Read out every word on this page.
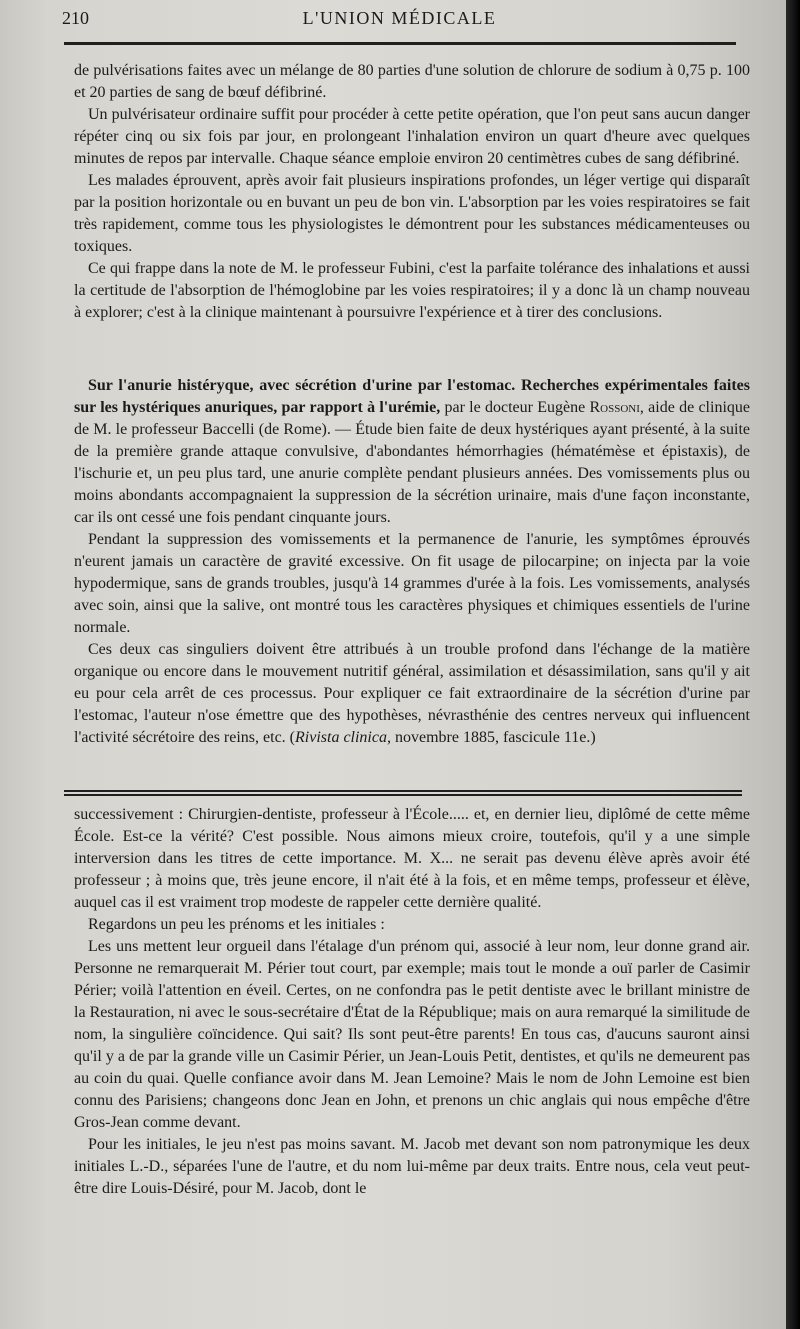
210	L'UNION MÉDICALE

de pulvérisations faites avec un mélange de 80 parties d'une solution de chlorure de sodium à 0,75 p. 100 et 20 parties de sang de bœuf défibriné.

Un pulvérisateur ordinaire suffit pour procéder à cette petite opération, que l'on peut sans aucun danger répéter cinq ou six fois par jour, en prolongeant l'inhalation environ un quart d'heure avec quelques minutes de repos par intervalle. Chaque séance emploie environ 20 centimètres cubes de sang défibriné.

Les malades éprouvent, après avoir fait plusieurs inspirations profondes, un léger vertige qui disparaît par la position horizontale ou en buvant un peu de bon vin. L'absorption par les voies respiratoires se fait très rapidement, comme tous les physiologistes le démontrent pour les substances médicamenteuses ou toxiques.

Ce qui frappe dans la note de M. le professeur Fubini, c'est la parfaite tolérance des inhalations et aussi la certitude de l'absorption de l'hémoglobine par les voies respiratoires; il y a donc là un champ nouveau à explorer; c'est à la clinique maintenant à poursuivre l'expérience et à tirer des conclusions.

Sur l'anurie histéryque, avec sécrétion d'urine par l'estomac. Recherches expérimentales faites sur les hystériques anuriques, par rapport à l'urémie, par le docteur Eugène Rossoni, aide de clinique de M. le professeur Baccelli (de Rome). — Étude bien faite de deux hystériques ayant présenté, à la suite de la première grande attaque convulsive, d'abondantes hémorrhagies (hématémèse et épistaxis), de l'ischurie et, un peu plus tard, une anurie complète pendant plusieurs années. Des vomissements plus ou moins abondants accompagnaient la suppression de la sécrétion urinaire, mais d'une façon inconstante, car ils ont cessé une fois pendant cinquante jours.

Pendant la suppression des vomissements et la permanence de l'anurie, les symptômes éprouvés n'eurent jamais un caractère de gravité excessive. On fit usage de pilocarpine; on injecta par la voie hypodermique, sans de grands troubles, jusqu'à 14 grammes d'urée à la fois. Les vomissements, analysés avec soin, ainsi que la salive, ont montré tous les caractères physiques et chimiques essentiels de l'urine normale.

Ces deux cas singuliers doivent être attribués à un trouble profond dans l'échange de la matière organique ou encore dans le mouvement nutritif général, assimilation et désassimilation, sans qu'il y ait eu pour cela arrêt de ces processus. Pour expliquer ce fait extraordinaire de la sécrétion d'urine par l'estomac, l'auteur n'ose émettre que des hypothèses, névrasthénie des centres nerveux qui influencent l'activité sécrétoire des reins, etc. (Rivista clinica, novembre 1885, fascicule 11e.)

successivement : Chirurgien-dentiste, professeur à l'École..... et, en dernier lieu, diplômé de cette même École. Est-ce la vérité? C'est possible. Nous aimons mieux croire, toutefois, qu'il y a une simple interversion dans les titres de cette importance. M. X... ne serait pas devenu élève après avoir été professeur ; à moins que, très jeune encore, il n'ait été à la fois, et en même temps, professeur et élève, auquel cas il est vraiment trop modeste de rappeler cette dernière qualité.

Regardons un peu les prénoms et les initiales :

Les uns mettent leur orgueil dans l'étalage d'un prénom qui, associé à leur nom, leur donne grand air. Personne ne remarquerait M. Périer tout court, par exemple; mais tout le monde a ouï parler de Casimir Périer; voilà l'attention en éveil. Certes, on ne confondra pas le petit dentiste avec le brillant ministre de la Restauration, ni avec le sous-secrétaire d'État de la République; mais on aura remarqué la similitude de nom, la singulière coïncidence. Qui sait? Ils sont peut-être parents! En tous cas, d'aucuns sauront ainsi qu'il y a de par la grande ville un Casimir Périer, un Jean-Louis Petit, dentistes, et qu'ils ne demeurent pas au coin du quai. Quelle confiance avoir dans M. Jean Lemoine? Mais le nom de John Lemoine est bien connu des Parisiens; changeons donc Jean en John, et prenons un chic anglais qui nous empêche d'être Gros-Jean comme devant.

Pour les initiales, le jeu n'est pas moins savant. M. Jacob met devant son nom patronymique les deux initiales L.-D., séparées l'une de l'autre, et du nom lui-même par deux traits. Entre nous, cela veut peut-être dire Louis-Désiré, pour M. Jacob, dont le
